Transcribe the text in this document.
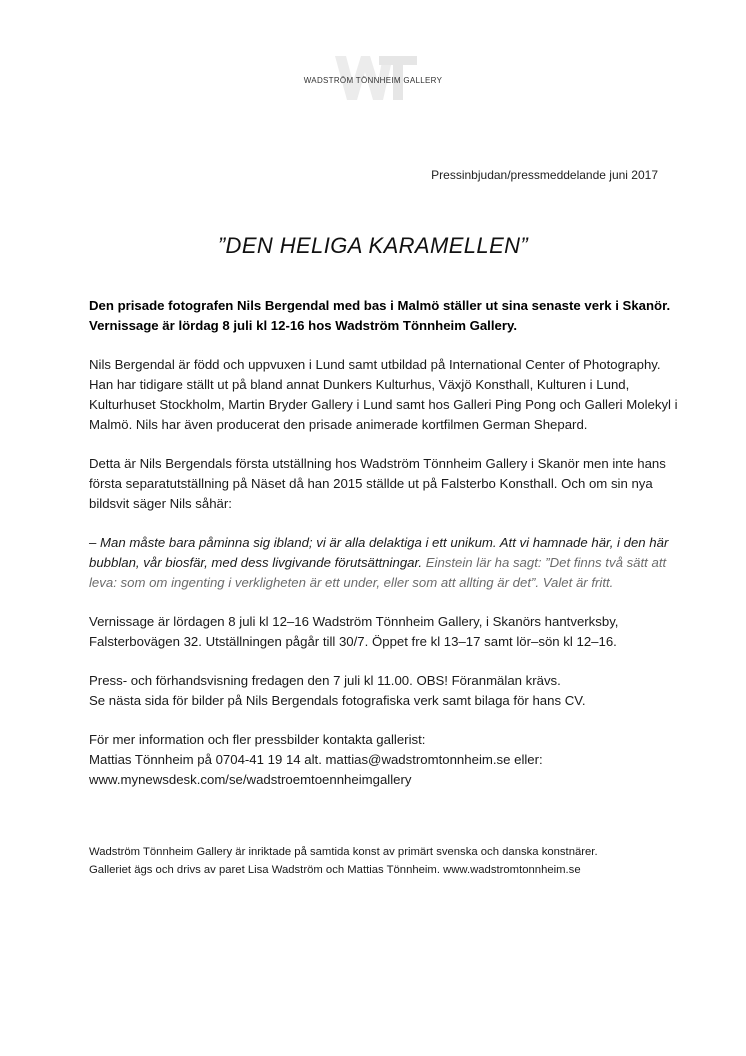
WADSTRÖM TÖNNHEIM GALLERY
Pressinbjudan/pressmeddelande juni 2017
”DEN HELIGA KARAMELLEN”

Den prisade fotografen Nils Bergendal med bas i Malmö ställer ut sina senaste verk i Skanör. Vernissage är lördag 8 juli kl 12-16 hos Wadström Tönnheim Gallery.

Nils Bergendal är född och uppvuxen i Lund samt utbildad på International Center of Photography. Han har tidigare ställt ut på bland annat Dunkers Kulturhus, Växjö Konsthall, Kulturen i Lund, Kulturhuset Stockholm, Martin Bryder Gallery i Lund samt hos Galleri Ping Pong och Galleri Molekyl i Malmö. Nils har även producerat den prisade animerade kortfilmen German Shepard.

Detta är Nils Bergendals första utställning hos Wadström Tönnheim Gallery i Skanör men inte hans första separatutställning på Näset då han 2015 ställde ut på Falsterbo Konsthall. Och om sin nya bildsvit säger Nils såhär:

– Man måste bara påminna sig ibland; vi är alla delaktiga i ett unikum. Att vi hamnade här, i den här bubblan, vår biosfär, med dess livgivande förutsättningar. Einstein lär ha sagt: ”Det finns två sätt att leva: som om ingenting i verkligheten är ett under, eller som att allting är det”. Valet är fritt.

Vernissage är lördagen 8 juli kl 12–16 Wadström Tönnheim Gallery, i Skanörs hantverksby, Falsterbovägen 32. Utställningen pågår till 30/7. Öppet fre kl 13–17 samt lör–sön kl 12–16.

Press- och förhandsvisning fredagen den 7 juli kl 11.00. OBS! Föranmälan krävs.
Se nästa sida för bilder på Nils Bergendals fotografiska verk samt bilaga för hans CV.

För mer information och fler pressbilder kontakta gallerist:
Mattias Tönnheim på 0704-41 19 14 alt. mattias@wadstromtonnheim.se eller:
www.mynewsdesk.com/se/wadstroemtoennheimgallery

Wadström Tönnheim Gallery är inriktade på samtida konst av primärt svenska och danska konstnärer.
Galleriet ägs och drivs av paret Lisa Wadström och Mattias Tönnheim. www.wadstromtonnheim.se
